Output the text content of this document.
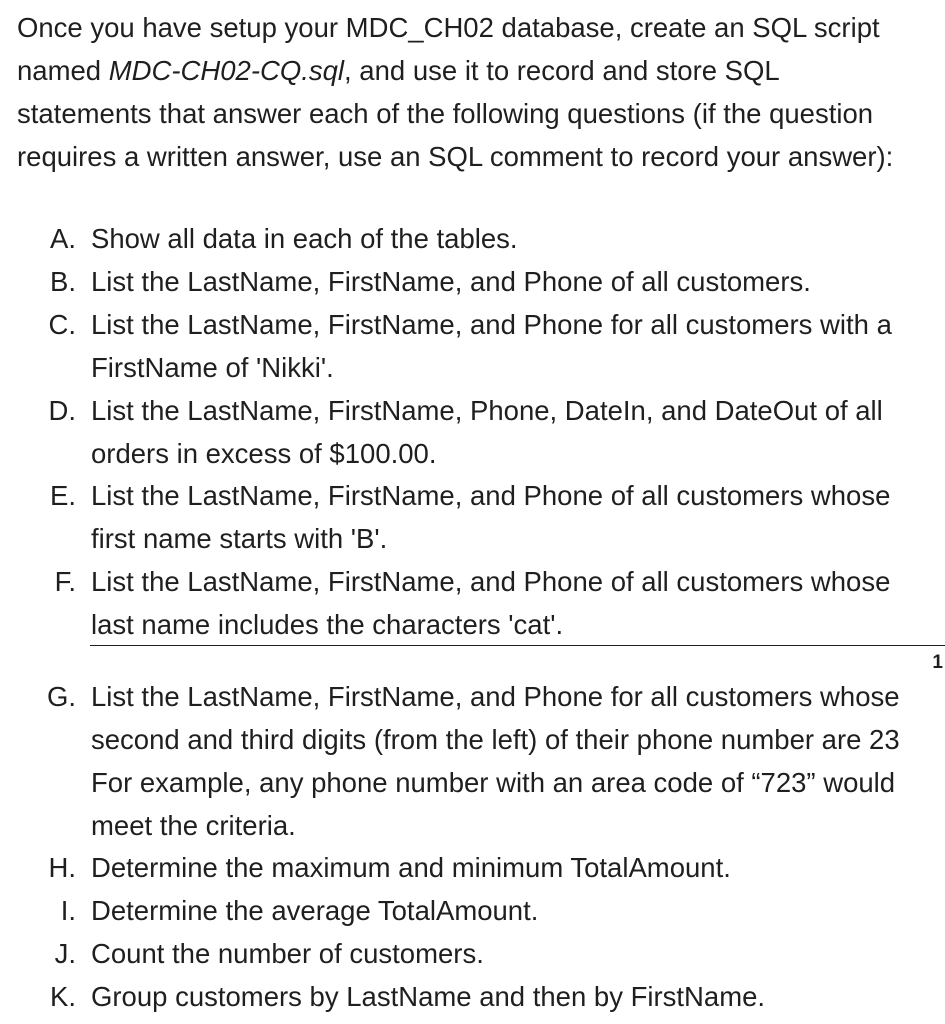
Once you have setup your MDC_CH02 database, create an SQL script
named MDC-CH02-CQ.sql, and use it to record and store SQL
statements that answer each of the following questions (if the question
requires a written answer, use an SQL comment to record your answer):
A. Show all data in each of the tables.
B. List the LastName, FirstName, and Phone of all customers.
C. List the LastName, FirstName, and Phone for all customers with a
FirstName of 'Nikki'.
D. List the LastName, FirstName, Phone, DateIn, and DateOut of all
orders in excess of $100.00.
E. List the LastName, FirstName, and Phone of all customers whose
first name starts with 'B'.
F. List the LastName, FirstName, and Phone of all customers whose
last name includes the characters 'cat'.
G. List the LastName, FirstName, and Phone for all customers whose
second and third digits (from the left) of their phone number are 23
For example, any phone number with an area code of “723” would
meet the criteria.
H. Determine the maximum and minimum TotalAmount.
I. Determine the average TotalAmount.
J. Count the number of customers.
K. Group customers by LastName and then by FirstName.
1
